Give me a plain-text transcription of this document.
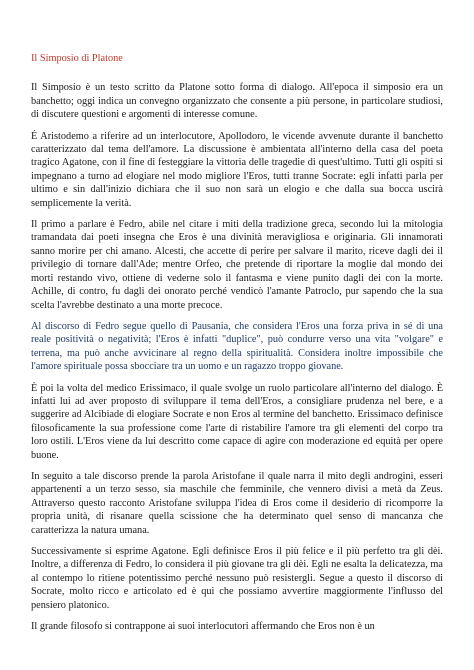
Il Simposio di Platone

Il Simposio è un testo scritto da Platone sotto forma di dialogo. All'epoca il simposio era un banchetto; oggi indica un convegno organizzato che consente a più persone, in particolare studiosi, di discutere questioni e argomenti di interesse comune.

É Aristodemo a riferire ad un interlocutore, Apollodoro, le vicende avvenute durante il banchetto caratterizzato dal tema dell'amore. La discussione è ambientata all'interno della casa del poeta tragico Agatone, con il fine di festeggiare la vittoria delle tragedie di quest'ultimo. Tutti gli ospiti si impegnano a turno ad elogiare nel modo migliore l'Eros, tutti tranne Socrate: egli infatti parla per ultimo e sin dall'inizio dichiara che il suo non sarà un elogio e che dalla sua bocca uscirà semplicemente la verità.

Il primo a parlare è Fedro, abile nel citare i miti della tradizione greca, secondo lui la mitologia tramandata dai poeti insegna che Eros è una divinità meravigliosa e originaria. Gli innamorati sanno morire per chi amano. Alcesti, che accette di perire per salvare il marito, riceve dagli dei il privilegio di tornare dall'Ade; mentre Orfeo, che pretende di riportare la moglie dal mondo dei morti restando vivo, ottiene di vederne solo il fantasma e viene punito dagli dei con la morte. Achille, di contro, fu dagli dei onorato perché vendicò l'amante Patroclo, pur sapendo che la sua scelta l'avrebbe destinato a una morte precoce.

Al discorso di Fedro segue quello di Pausania, che considera l'Eros una forza priva in sé di una reale positività o negatività; l'Eros è infatti "duplice", può condurre verso una vita "volgare" e terrena, ma può anche avvicinare al regno della spiritualità. Considera inoltre impossibile che l'amore spirituale possa sbocciare tra un uomo e un ragazzo troppo giovane.

È poi la volta del medico Erissimaco, il quale svolge un ruolo particolare all'interno del dialogo. È infatti lui ad aver proposto di sviluppare il tema dell'Eros, a consigliare prudenza nel bere, e a suggerire ad Alcibiade di elogiare Socrate e non Eros al termine del banchetto. Erissimaco definisce filosoficamente la sua professione come l'arte di ristabilire l'amore tra gli elementi del corpo tra loro ostili. L'Eros viene da lui descritto come capace di agire con moderazione ed equità per opere buone.

In seguito a tale discorso prende la parola Aristofane il quale narra il mito degli androgini, esseri appartenenti a un terzo sesso, sia maschile che femminile, che vennero divisi a metà da Zeus. Attraverso questo racconto Aristofane sviluppa l'idea di Eros come il desiderio di ricomporre la propria unità, di risanare quella scissione che ha determinato quel senso di mancanza che caratterizza la natura umana.

Successivamente si esprime Agatone. Egli definisce Eros il più felice e il più perfetto tra gli dèi. Inoltre, a differenza di Fedro, lo considera il più giovane tra gli dèi. Egli ne esalta la delicatezza, ma al contempo lo ritiene potentissimo perché nessuno può resistergli. Segue a questo il discorso di Socrate, molto ricco e articolato ed è qui che possiamo avvertire maggiormente l'influsso del pensiero platonico.

Il grande filosofo si contrappone ai suoi interlocutori affermando che Eros non è un
